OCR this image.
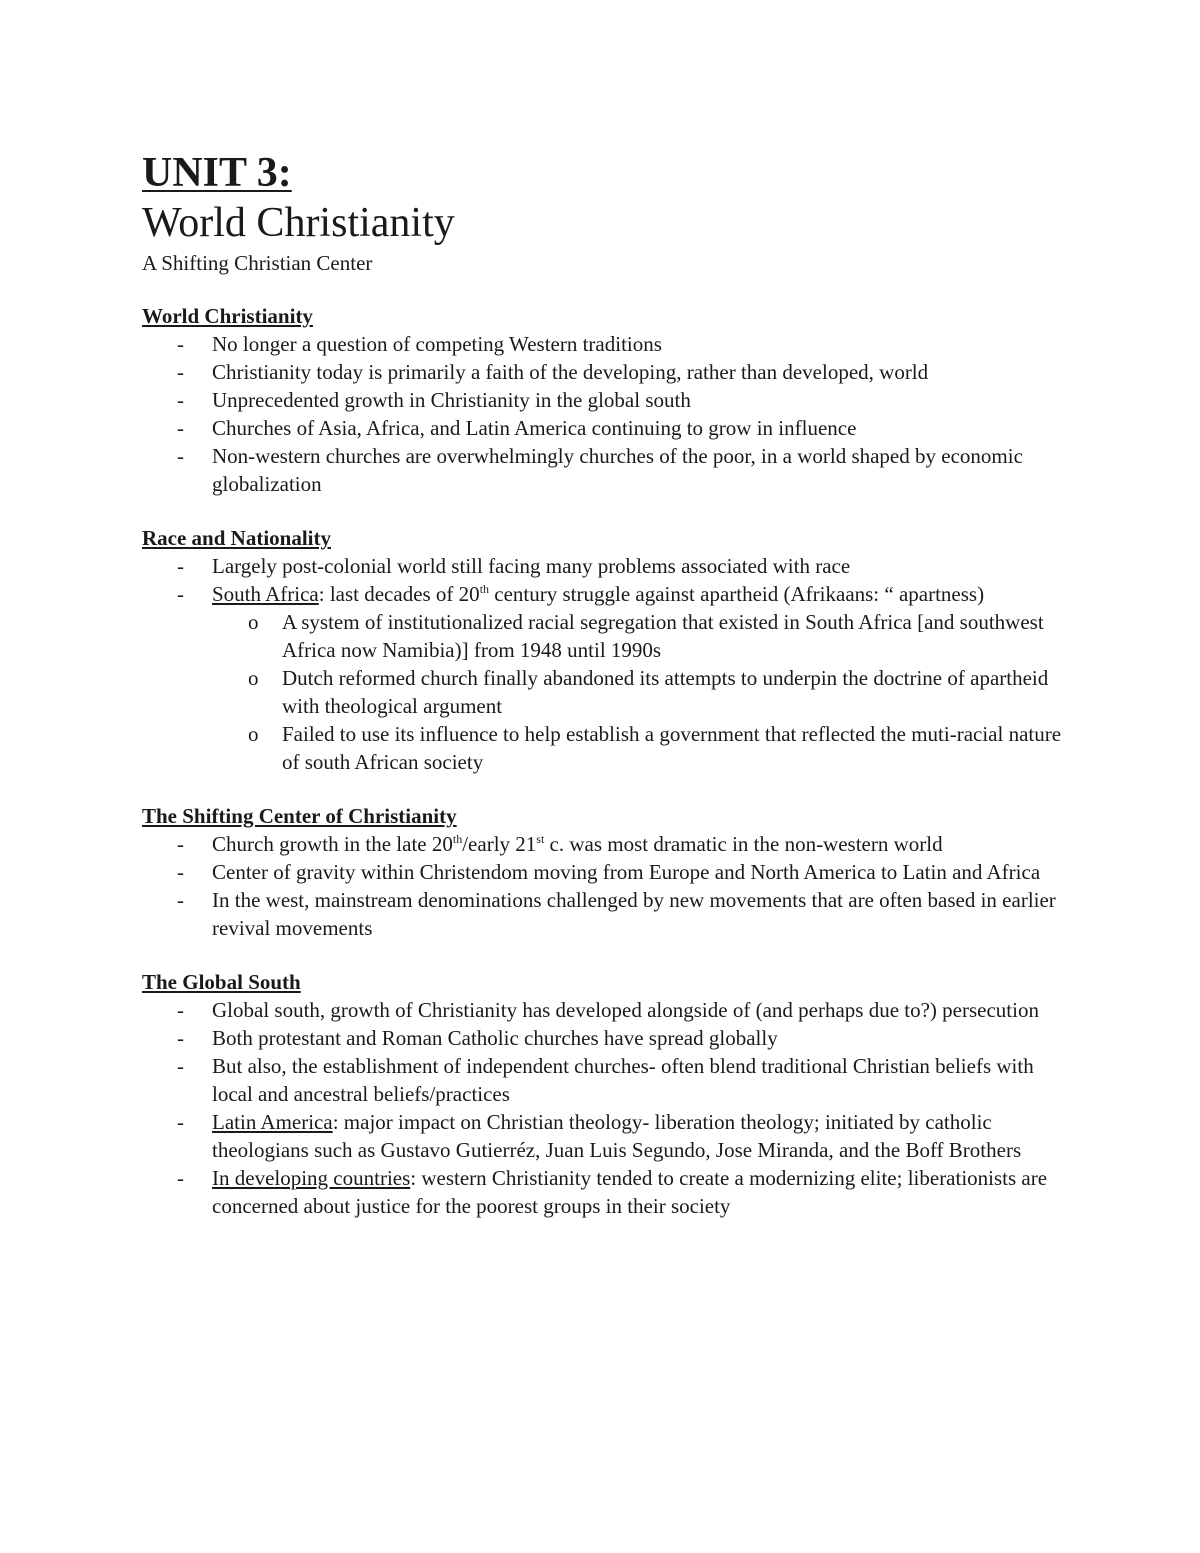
UNIT 3:
World Christianity
A Shifting Christian Center
World Christianity
- No longer a question of competing Western traditions
- Christianity today is primarily a faith of the developing, rather than developed, world
- Unprecedented growth in Christianity in the global south
- Churches of Asia, Africa, and Latin America continuing to grow in influence
- Non-western churches are overwhelmingly churches of the poor, in a world shaped by economic globalization
Race and Nationality
- Largely post-colonial world still facing many problems associated with race
- South Africa: last decades of 20th century struggle against apartheid (Afrikaans: “ apartness)
o A system of institutionalized racial segregation that existed in South Africa [and southwest Africa now Namibia)] from 1948 until 1990s
o Dutch reformed church finally abandoned its attempts to underpin the doctrine of apartheid with theological argument
o Failed to use its influence to help establish a government that reflected the muti-racial nature of south African society
The Shifting Center of Christianity
- Church growth in the late 20th/early 21st c. was most dramatic in the non-western world
- Center of gravity within Christendom moving from Europe and North America to Latin and Africa
- In the west, mainstream denominations challenged by new movements that are often based in earlier revival movements
The Global South
- Global south, growth of Christianity has developed alongside of (and perhaps due to?) persecution
- Both protestant and Roman Catholic churches have spread globally
- But also, the establishment of independent churches- often blend traditional Christian beliefs with local and ancestral beliefs/practices
- Latin America: major impact on Christian theology- liberation theology; initiated by catholic theologians such as Gustavo Gutierréz, Juan Luis Segundo, Jose Miranda, and the Boff Brothers
- In developing countries: western Christianity tended to create a modernizing elite; liberationists are concerned about justice for the poorest groups in their society
